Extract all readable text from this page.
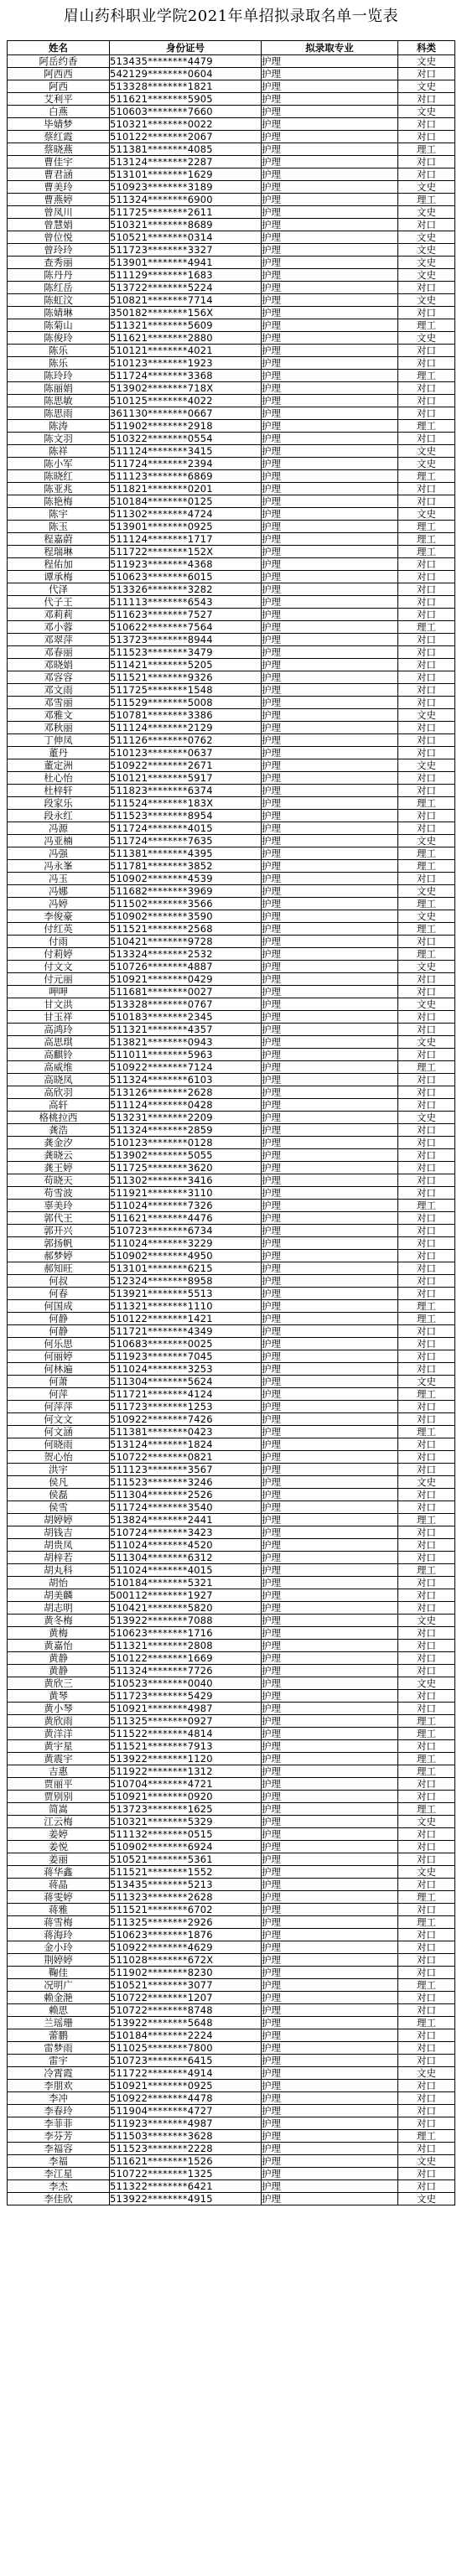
眉山药科职业学院2021年单招拟录取名单一览表
姓名	身份证号	拟录取专业	科类
阿岳约香	513435********4479	护理	文史
阿西西	542129********0604	护理	对口
阿西	513328********1821	护理	文史
艾利平	511621********5905	护理	对口
白燕	510603********7660	护理	文史
毕婧梦	510321********0022	护理	对口
蔡红霞	510122********2067	护理	对口
蔡晓燕	511381********4085	护理	理工
曹佳宇	513124********2287	护理	对口
曹君涵	513101********1629	护理	对口
曹美玲	510923********3189	护理	文史
曹燕婷	511324********6900	护理	理工
曾凤川	511725********2611	护理	文史
曾慧娟	510321********8689	护理	对口
曾位悦	510521********0314	护理	文史
曾玲玲	511723********3327	护理	文史
查秀丽	513901********4941	护理	文史
陈丹丹	511129********1683	护理	文史
陈红岳	513722********5224	护理	对口
陈虹汶	510821********7714	护理	文史
陈婧琳	350182********156X	护理	对口
陈菊山	511321********5609	护理	理工
陈俊玲	511621********2880	护理	文史
陈乐	510121********4021	护理	对口
陈乐	510123********1923	护理	对口
陈玲玲	511724********3368	护理	理工
陈丽娟	513902********718X	护理	对口
陈思敏	510125********4022	护理	对口
陈思雨	361130********0667	护理	对口
陈涛	511902********2918	护理	理工
陈文羽	510322********0554	护理	对口
陈祥	511124********3415	护理	文史
陈小军	511724********2394	护理	文史
陈晓红	511123********6869	护理	理工
陈亚兆	511821********0201	护理	对口
陈艳梅	510184********0125	护理	对口
陈宇	511302********4724	护理	文史
陈玉	513901********0925	护理	理工
程嘉蔚	511124********1717	护理	理工
程瑞琳	511722********152X	护理	理工
程佑加	511923********4368	护理	对口
谭承梅	510623********6015	护理	对口
代泽	513326********3282	护理	对口
代子王	511113********6543	护理	对口
邓莉莉	511623********7527	护理	对口
邓小蓉	510622********7564	护理	理工
邓翠萍	513723********8944	护理	对口
邓春丽	511523********3479	护理	对口
邓晓娟	511421********5205	护理	对口
邓容容	511521********9326	护理	对口
邓文雨	511725********1548	护理	对口
邓雪丽	511529********5008	护理	对口
邓雅文	510781********3386	护理	文史
邓秋丽	511124********2129	护理	对口
丁伸凤	511126********0762	护理	对口
董丹	510123********0637	护理	对口
董定洲	510922********2671	护理	文史
杜心怡	510121********5917	护理	对口
杜梓轩	511823********6374	护理	对口
段家乐	511524********183X	护理	理工
段永红	511523********8954	护理	对口
冯源	511724********4015	护理	对口
冯亚楠	511724********7635	护理	文史
冯强	511381********4395	护理	理工
冯永峯	511781********3852	护理	理工
冯玉	510902********4539	护理	对口
冯娜	511682********3969	护理	文史
冯婷	511502********3566	护理	理工
李俊豪	510902********3590	护理	文史
付红英	511521********2568	护理	理工
付雨	510421********9728	护理	对口
付莉婷	513324********2532	护理	理工
付文文	510726********4887	护理	文史
付元丽	510921********0429	护理	对口
呷呷	511681********0027	护理	对口
甘文洪	513328********0767	护理	文史
甘玉祥	510183********2345	护理	对口
高鸿玲	511321********4357	护理	对口
高思琪	513821********0943	护理	文史
高麒铃	511011********5963	护理	对口
高威维	510922********7124	护理	理工
高晓凤	511324********6103	护理	对口
高欣羽	513126********2628	护理	对口
高轩	511124********0428	护理	对口
格桃拉西	513231********2209	护理	文史
龚浩	511324********2859	护理	对口
龚金汐	510123********0128	护理	对口
龚晓云	513902********5055	护理	对口
龚王婷	511725********3620	护理	对口
苟晓天	511302********3416	护理	对口
苟雪波	511921********3110	护理	对口
辜美玲	511024********7326	护理	理工
郭代王	511621********4476	护理	对口
郭开兴	510723********6734	护理	对口
郭扬帆	511024********3229	护理	对口
郝梦婷	510902********4950	护理	对口
郝知旺	513101********6215	护理	对口
何叔	512324********8958	护理	对口
何春	513921********5513	护理	对口
何国成	511321********1110	护理	理工
何静	510122********1421	护理	理工
何静	511721********4349	护理	对口
何乐思	510683********0025	护理	对口
何丽婷	511923********7045	护理	对口
何林遍	511024********3253	护理	对口
何萧	511304********5624	护理	文史
何萍	511721********4124	护理	理工
何萍萍	511723********1253	护理	对口
何文文	510922********7426	护理	对口
何文涵	511381********0423	护理	理工
何晓雨	513124********1824	护理	对口
贺心怡	510722********0821	护理	对口
洪宇	511123********3567	护理	对口
侯凡	511523********3246	护理	文史
侯磊	511304********2526	护理	对口
侯雪	511724********3540	护理	对口
胡婷婷	513824********2441	护理	理工
胡钱吉	510724********3423	护理	对口
胡贵凤	511024********4520	护理	对口
胡梓若	511304********6312	护理	对口
胡丸科	511024********4015	护理	理工
胡怡	510184********5321	护理	对口
胡美麟	500112********1927	护理	对口
胡志明	510421********5820	护理	对口
黄冬梅	513922********7088	护理	文史
黄梅	510623********1716	护理	对口
黄嘉怡	511321********2808	护理	对口
黄静	510122********1669	护理	对口
黄静	511324********7726	护理	对口
黄欣三	510523********0040	护理	文史
黄琴	511723********5429	护理	对口
黄小琴	510921********4987	护理	对口
黄欣雨	511325********0927	护理	理工
黄洋洋	511522********4814	护理	理工
黄宇星	511521********7913	护理	对口
黄震宇	513922********1120	护理	理工
吉惠	511922********1312	护理	理工
贾丽平	510704********4721	护理	对口
贾别别	510921********0920	护理	对口
简嵩	513723********1625	护理	理工
江云梅	510321********5329	护理	文史
姜婷	511132********0515	护理	对口
姜悦	510902********6924	护理	对口
姜丽	510521********5361	护理	对口
蒋华鑫	511521********1552	护理	文史
蒋晶	513435********5213	护理	对口
蒋雯婷	511323********2628	护理	理工
蒋雅	511521********6702	护理	对口
蒋雪梅	511325********2926	护理	理工
蒋海玲	510623********1876	护理	对口
金小玲	510922********4629	护理	对口
荆婷婷	511028********672X	护理	对口
鞠佳	511902********8230	护理	对口
况明广	510521********3077	护理	理工
赖金滟	510722********1207	护理	对口
赖思	510722********8748	护理	对口
兰瑶珊	513922********5648	护理	理工
蕾鹏	510184********2224	护理	对口
雷梦雨	511025********7800	护理	对口
雷宇	510723********6415	护理	对口
冷霄霞	511722********4914	护理	文史
李朋欢	510921********0925	护理	对口
李冲	510922********4478	护理	对口
李春玲	511904********4727	护理	对口
李菲菲	511923********4987	护理	对口
李芬芳	511503********3628	护理	理工
李福容	511523********2228	护理	对口
李福	511621********1526	护理	文史
李江星	510722********1325	护理	对口
李杰	511322********6421	护理	对口
李佳欣	513922********4915	护理	文史
